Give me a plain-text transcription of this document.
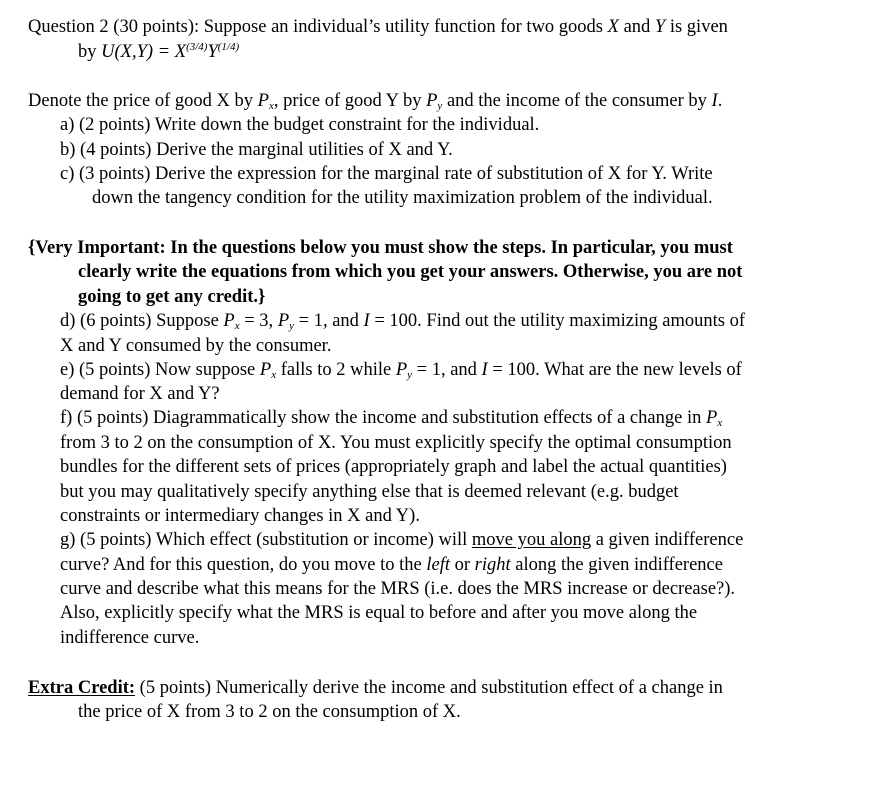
Question 2 (30 points): Suppose an individual’s utility function for two goods X and Y is given
by $U(X,Y) = X^{(3/4)}Y^{(1/4)}$
Denote the price of good X by $P_x$, price of good Y by $P_y$ and the income of the consumer by I.
a) (2 points) Write down the budget constraint for the individual.
b) (4 points) Derive the marginal utilities of X and Y.
c) (3 points) Derive the expression for the marginal rate of substitution of X for Y. Write
down the tangency condition for the utility maximization problem of the individual.
{Very Important: In the questions below you must show the steps. In particular, you must
clearly write the equations from which you get your answers. Otherwise, you are not
going to get any credit.}
d) (6 points) Suppose $P_x = 3$, $P_y = 1$, and I = 100. Find out the utility maximizing amounts of
X and Y consumed by the consumer.
e) (5 points) Now suppose $P_x$ falls to 2 while $P_y = 1$, and I = 100. What are the new levels of
demand for X and Y?
f) (5 points) Diagrammatically show the income and substitution effects of a change in $P_x$
from 3 to 2 on the consumption of X. You must explicitly specify the optimal consumption
bundles for the different sets of prices (appropriately graph and label the actual quantities)
but you may qualitatively specify anything else that is deemed relevant (e.g. budget
constraints or intermediary changes in X and Y).
g) (5 points) Which effect (substitution or income) will move you along a given indifference
curve? And for this question, do you move to the left or right along the given indifference
curve and describe what this means for the MRS (i.e. does the MRS increase or decrease?).
Also, explicitly specify what the MRS is equal to before and after you move along the
indifference curve.
Extra Credit: (5 points) Numerically derive the income and substitution effect of a change in
the price of X from 3 to 2 on the consumption of X.
